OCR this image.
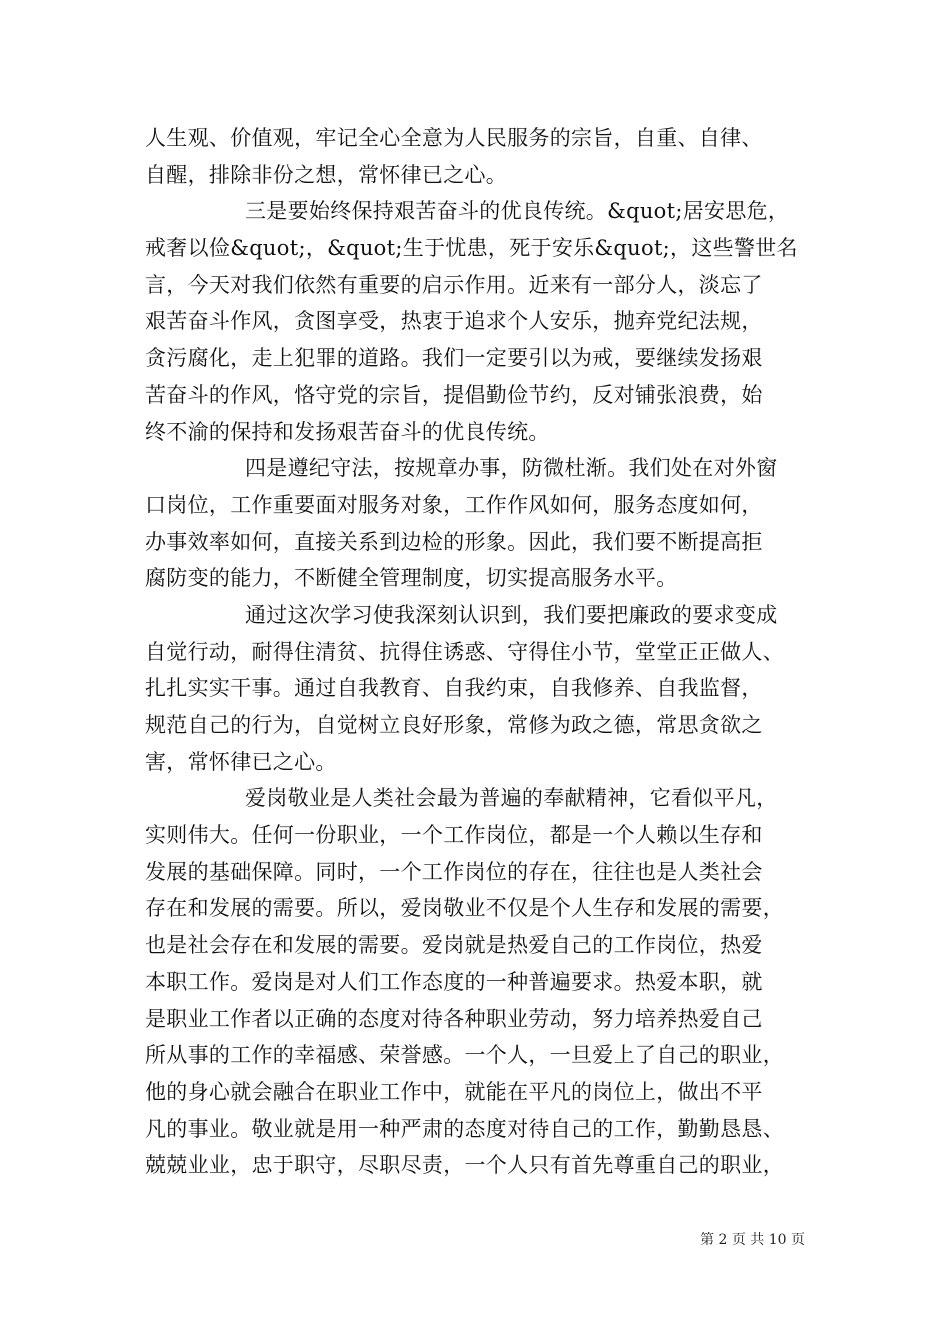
人生观、价值观，牢记全心全意为人民服务的宗旨，自重、自律、
自醒，排除非份之想，常怀律已之心。
三是要始终保持艰苦奋斗的优良传统。&quot;居安思危，
戒奢以俭&quot;，&quot;生于忧患，死于安乐&quot;，这些警世名
言，今天对我们依然有重要的启示作用。近来有一部分人，淡忘了
艰苦奋斗作风，贪图享受，热衷于追求个人安乐，抛弃党纪法规，
贪污腐化，走上犯罪的道路。我们一定要引以为戒，要继续发扬艰
苦奋斗的作风，恪守党的宗旨，提倡勤俭节约，反对铺张浪费，始
终不渝的保持和发扬艰苦奋斗的优良传统。
四是遵纪守法，按规章办事，防微杜渐。我们处在对外窗
口岗位，工作重要面对服务对象，工作作风如何，服务态度如何，
办事效率如何，直接关系到边检的形象。因此，我们要不断提高拒
腐防变的能力，不断健全管理制度，切实提高服务水平。
通过这次学习使我深刻认识到，我们要把廉政的要求变成
自觉行动，耐得住清贫、抗得住诱惑、守得住小节，堂堂正正做人、
扎扎实实干事。通过自我教育、自我约束，自我修养、自我监督，
规范自己的行为，自觉树立良好形象，常修为政之德，常思贪欲之
害，常怀律已之心。
爱岗敬业是人类社会最为普遍的奉献精神，它看似平凡，
实则伟大。任何一份职业，一个工作岗位，都是一个人赖以生存和
发展的基础保障。同时，一个工作岗位的存在，往往也是人类社会
存在和发展的需要。所以，爱岗敬业不仅是个人生存和发展的需要，
也是社会存在和发展的需要。爱岗就是热爱自己的工作岗位，热爱
本职工作。爱岗是对人们工作态度的一种普遍要求。热爱本职，就
是职业工作者以正确的态度对待各种职业劳动，努力培养热爱自己
所从事的工作的幸福感、荣誉感。一个人，一旦爱上了自己的职业，
他的身心就会融合在职业工作中，就能在平凡的岗位上，做出不平
凡的事业。敬业就是用一种严肃的态度对待自己的工作，勤勤恳恳、
兢兢业业，忠于职守，尽职尽责，一个人只有首先尊重自己的职业，
第 2 页 共 10 页
